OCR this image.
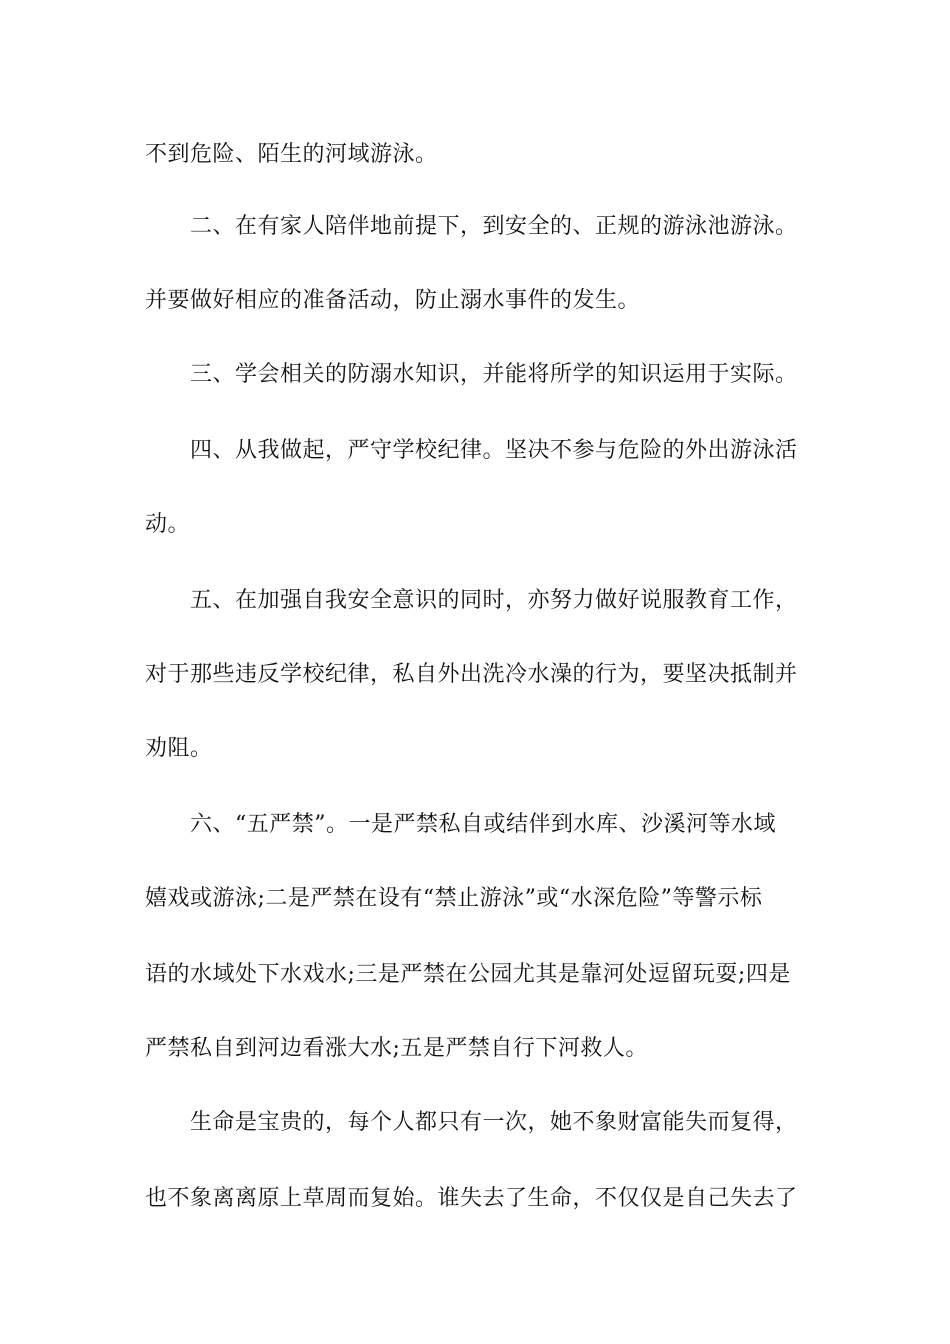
不到危险、陌生的河域游泳。
二、在有家人陪伴地前提下，到安全的、正规的游泳池游泳。
并要做好相应的准备活动，防止溺水事件的发生。
三、学会相关的防溺水知识，并能将所学的知识运用于实际。
四、从我做起，严守学校纪律。坚决不参与危险的外出游泳活
动。
五、在加强自我安全意识的同时，亦努力做好说服教育工作，
对于那些违反学校纪律，私自外出洗冷水澡的行为，要坚决抵制并
劝阻。
六、“五严禁”。一是严禁私自或结伴到水库、沙溪河等水域
嬉戏或游泳;二是严禁在设有“禁止游泳”或“水深危险”等警示标
语的水域处下水戏水;三是严禁在公园尤其是靠河处逗留玩耍;四是
严禁私自到河边看涨大水;五是严禁自行下河救人。
生命是宝贵的，每个人都只有一次，她不象财富能失而复得，
也不象离离原上草周而复始。谁失去了生命，不仅仅是自己失去了
